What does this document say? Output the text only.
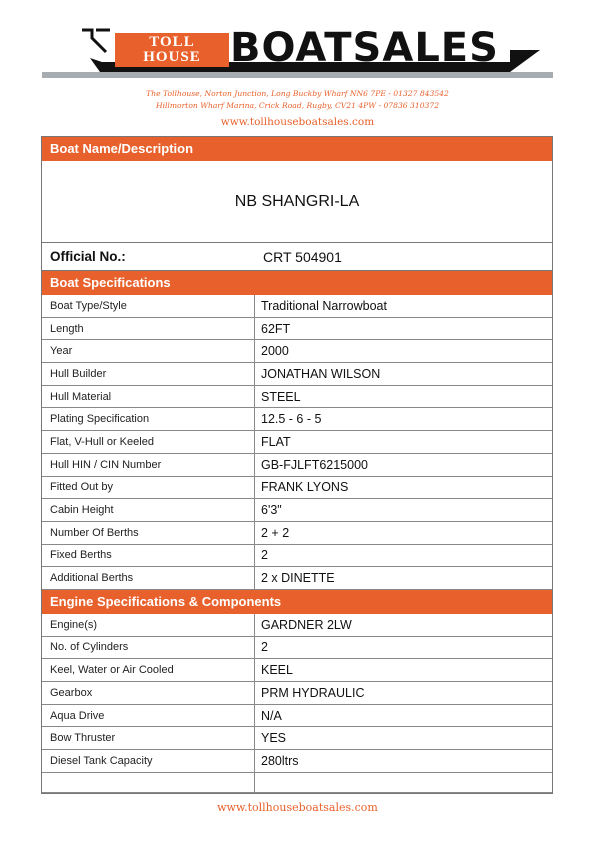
TOLL
HOUSE BOATSALES
The Tollhouse, Norton Junction, Long Buckby Wharf NN6 7PE - 01327 843542
Hillmorton Wharf Marina, Crick Road, Rugby, CV21 4PW - 07836 310372
www.tollhouseboatsales.com
Boat Name/Description
NB SHANGRI-LA
Official No.:	CRT 504901
Boat Specifications
Boat Type/Style	Traditional Narrowboat
Length	62FT
Year	2000
Hull Builder	JONATHAN WILSON
Hull Material	STEEL
Plating Specification	12.5 - 6 - 5
Flat, V-Hull or Keeled	FLAT
Hull HIN / CIN Number	GB-FJLFT6215000
Fitted Out by	FRANK LYONS
Cabin Height	6'3"
Number Of Berths	2 + 2
Fixed Berths	2
Additional Berths	2 x DINETTE
Engine Specifications & Components
Engine(s)	GARDNER 2LW
No. of Cylinders	2
Keel, Water or Air Cooled	KEEL
Gearbox	PRM HYDRAULIC
Aqua Drive	N/A
Bow Thruster	YES
Diesel Tank Capacity	280ltrs
www.tollhouseboatsales.com
